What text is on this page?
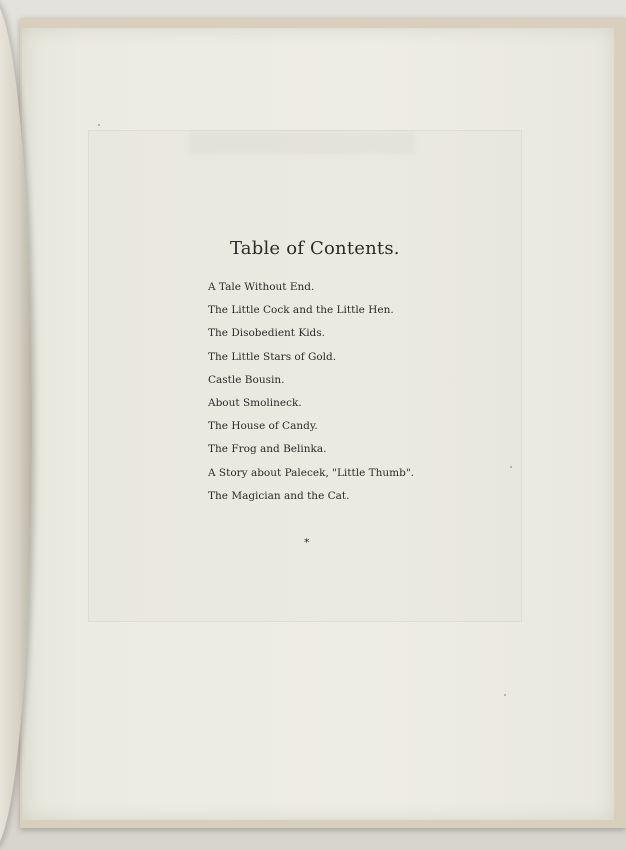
Table of Contents.
A Tale Without End.
The Little Cock and the Little Hen.
The Disobedient Kids.
The Little Stars of Gold.
Castle Bousin.
About Smolineck.
The House of Candy.
The Frog and Belinka.
A Story about Palecek, "Little Thumb".
The Magician and the Cat.
*
